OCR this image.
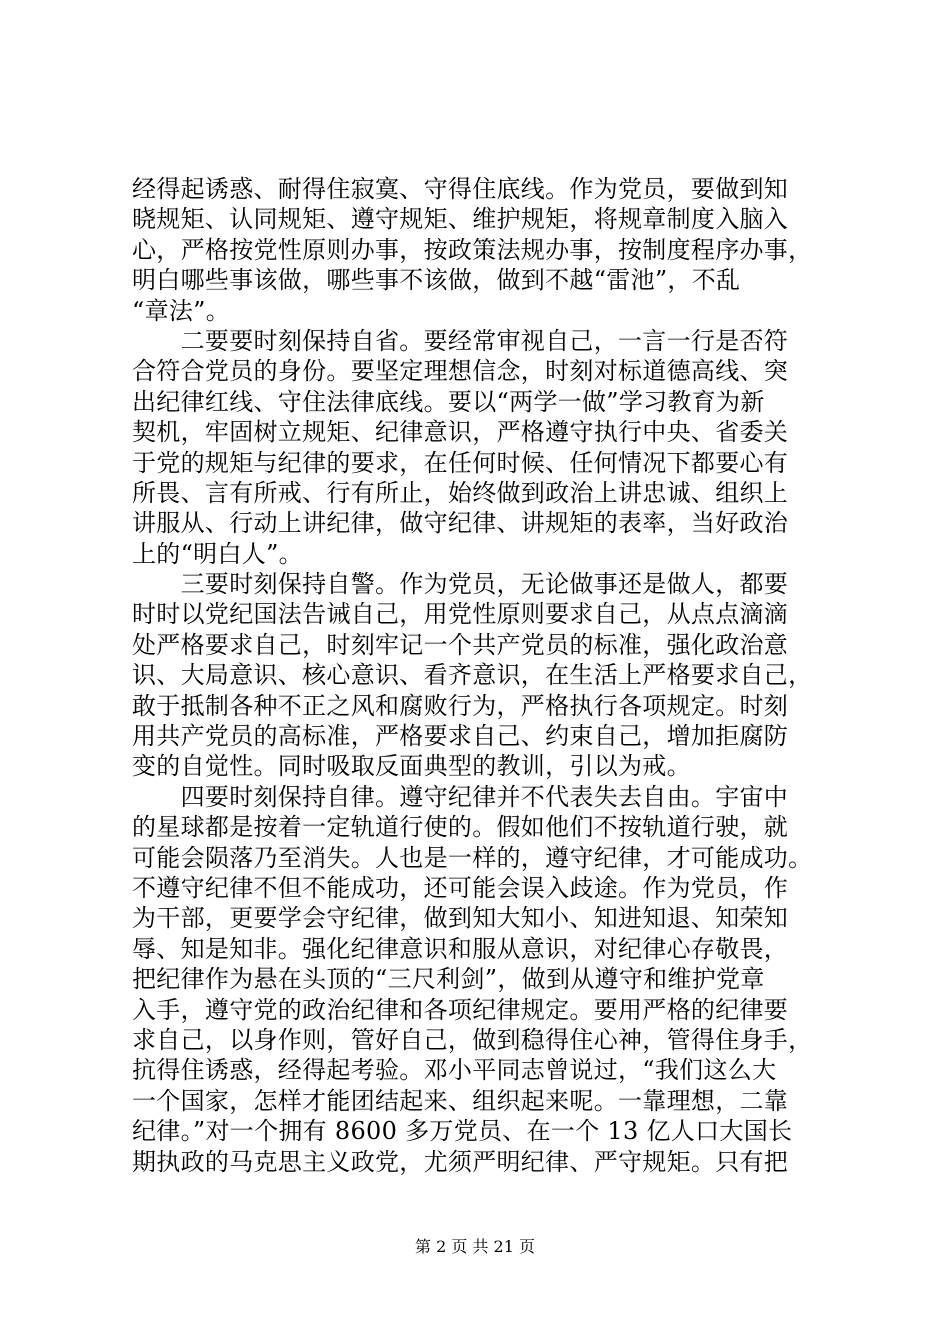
经得起诱惑、耐得住寂寞、守得住底线。作为党员，要做到知
晓规矩、认同规矩、遵守规矩、维护规矩，将规章制度入脑入
心，严格按党性原则办事，按政策法规办事，按制度程序办事，
明白哪些事该做，哪些事不该做，做到不越“雷池”，不乱
“章法”。
　　二要要时刻保持自省。要经常审视自己，一言一行是否符
合符合党员的身份。要坚定理想信念，时刻对标道德高线、突
出纪律红线、守住法律底线。要以“两学一做”学习教育为新
契机，牢固树立规矩、纪律意识，严格遵守执行中央、省委关
于党的规矩与纪律的要求，在任何时候、任何情况下都要心有
所畏、言有所戒、行有所止，始终做到政治上讲忠诚、组织上
讲服从、行动上讲纪律，做守纪律、讲规矩的表率，当好政治
上的“明白人”。
　　三要时刻保持自警。作为党员，无论做事还是做人，都要
时时以党纪国法告诫自己，用党性原则要求自己，从点点滴滴
处严格要求自己，时刻牢记一个共产党员的标准，强化政治意
识、大局意识、核心意识、看齐意识，在生活上严格要求自己，
敢于抵制各种不正之风和腐败行为，严格执行各项规定。时刻
用共产党员的高标准，严格要求自己、约束自己，增加拒腐防
变的自觉性。同时吸取反面典型的教训，引以为戒。
　　四要时刻保持自律。遵守纪律并不代表失去自由。宇宙中
的星球都是按着一定轨道行使的。假如他们不按轨道行驶，就
可能会陨落乃至消失。人也是一样的，遵守纪律，才可能成功。
不遵守纪律不但不能成功，还可能会误入歧途。作为党员，作
为干部，更要学会守纪律，做到知大知小、知进知退、知荣知
辱、知是知非。强化纪律意识和服从意识，对纪律心存敬畏，
把纪律作为悬在头顶的“三尺利剑”，做到从遵守和维护党章
入手，遵守党的政治纪律和各项纪律规定。要用严格的纪律要
求自己，以身作则，管好自己，做到稳得住心神，管得住身手，
抗得住诱惑，经得起考验。邓小平同志曾说过，“我们这么大
一个国家，怎样才能团结起来、组织起来呢。一靠理想，二靠
纪律。”对一个拥有 8600 多万党员、在一个 13 亿人口大国长
期执政的马克思主义政党，尤须严明纪律、严守规矩。只有把
第 2 页 共 21 页
